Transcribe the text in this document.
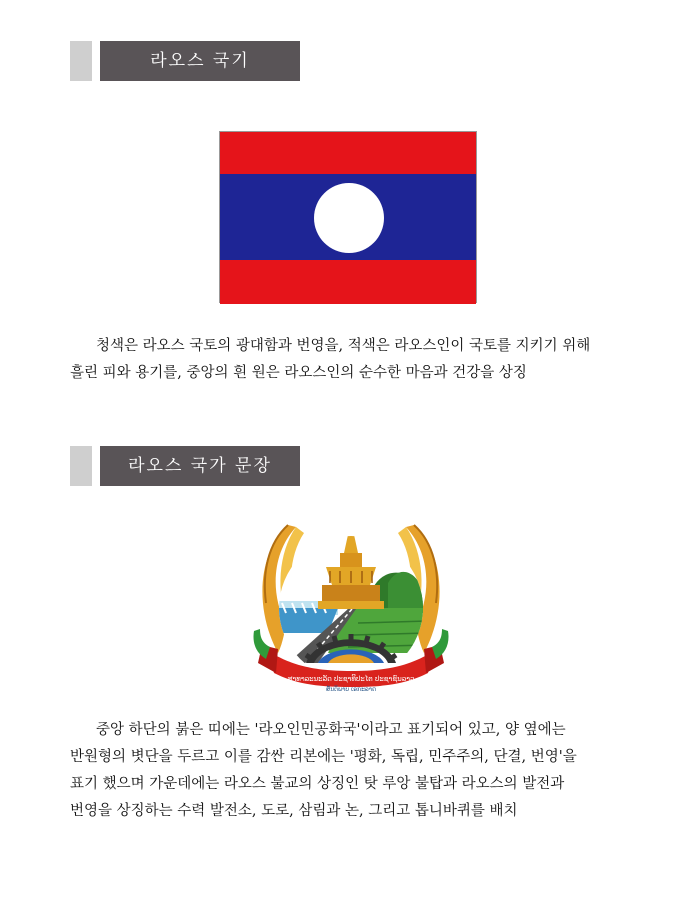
라오스 국기
청색은 라오스 국토의 광대함과 번영을, 적색은 라오스인이 국토를 지키기 위해
흘린 피와 용기를, 중앙의 흰 원은 라오스인의 순수한 마음과 건강을 상징
라오스 국가 문장
ສາທາລະນະລັດ ປະຊາທິປະໄຕ ປະຊາຊົນລາວ
ສັນຕິພາບ ເອກະລາດ
중앙 하단의 붉은 띠에는 '라오인민공화국'이라고 표기되어 있고, 양 옆에는
반원형의 볏단을 두르고 이를 감싼 리본에는 '평화, 독립, 민주주의, 단결, 번영'을
표기 했으며 가운데에는 라오스 불교의 상징인 탓 루앙 불탑과 라오스의 발전과
번영을 상징하는 수력 발전소, 도로, 삼림과 논, 그리고 톱니바퀴를 배치
